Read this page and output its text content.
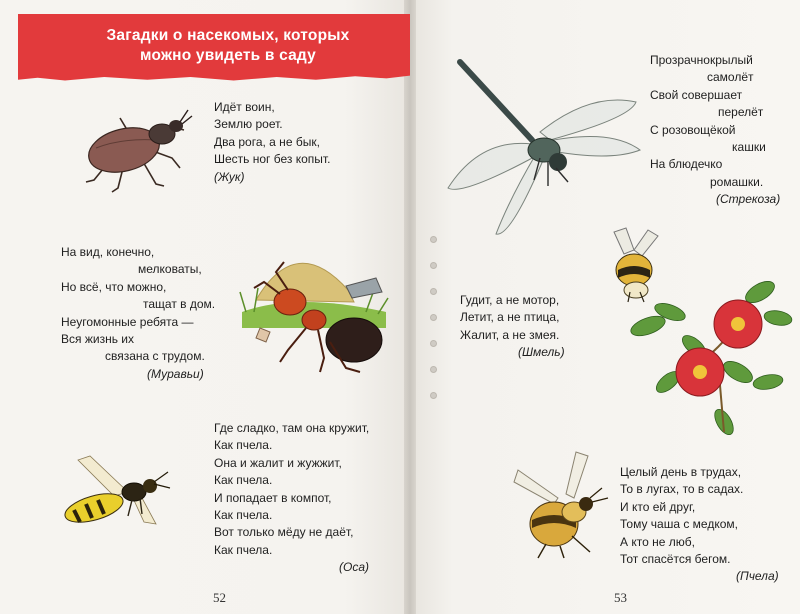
Загадки о насекомых, которых
можно увидеть в саду
Идёт воин,
Землю роет.
Два рога, а не бык,
Шесть ног без копыт.
(Жук)
На вид, конечно,
мелковаты,
Но всё, что можно,
тащат в дом.
Неугомонные ребята —
Вся жизнь их
связана с трудом.
(Муравьи)
Где сладко, там она кружит,
Как пчела.
Она и жалит и жужжит,
Как пчела.
И попадает в компот,
Как пчела.
Вот только мёду не даёт,
Как пчела.
(Оса)
52
Прозрачнокрылый
самолёт
Свой совершает
перелёт
С розовощёкой
кашки
На блюдечко
ромашки.
(Стрекоза)
Гудит, а не мотор,
Летит, а не птица,
Жалит, а не змея.
(Шмель)
Целый день в трудах,
То в лугах, то в садах.
И кто ей друг,
Тому чаша с медком,
А кто не люб,
Тот спасётся бегом.
(Пчела)
53
